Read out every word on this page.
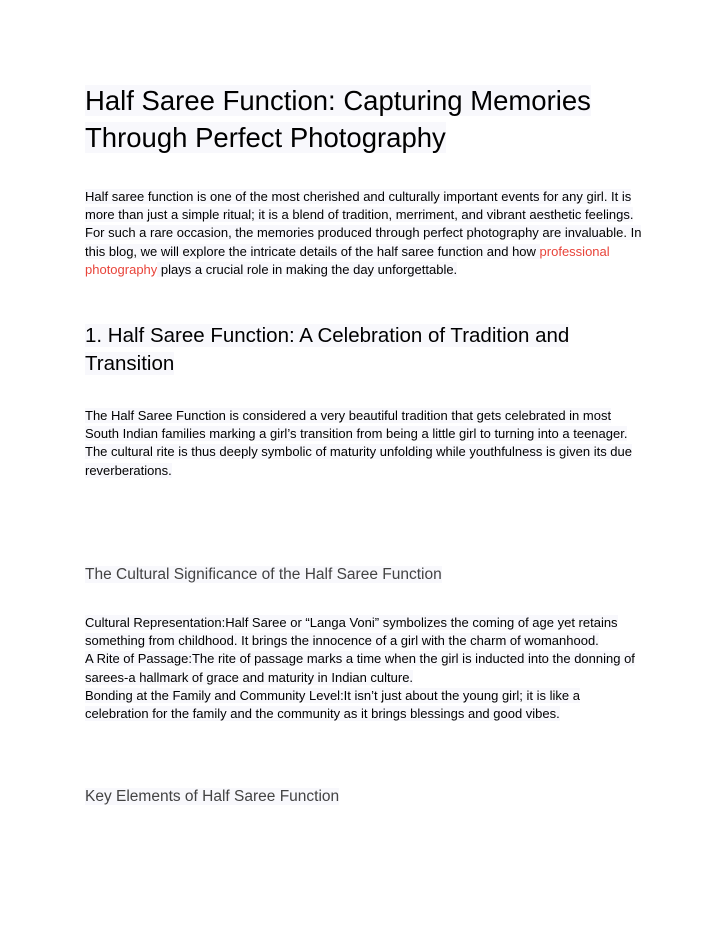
Half Saree Function: Capturing Memories Through Perfect Photography

Half saree function is one of the most cherished and culturally important events for any girl. It is more than just a simple ritual; it is a blend of tradition, merriment, and vibrant aesthetic feelings. For such a rare occasion, the memories produced through perfect photography are invaluable. In this blog, we will explore the intricate details of the half saree function and how professional photography plays a crucial role in making the day unforgettable.

1. Half Saree Function: A Celebration of Tradition and Transition

The Half Saree Function is considered a very beautiful tradition that gets celebrated in most South Indian families marking a girl’s transition from being a little girl to turning into a teenager. The cultural rite is thus deeply symbolic of maturity unfolding while youthfulness is given its due reverberations.

The Cultural Significance of the Half Saree Function

Cultural Representation:Half Saree or “Langa Voni” symbolizes the coming of age yet retains something from childhood. It brings the innocence of a girl with the charm of womanhood.
A Rite of Passage:The rite of passage marks a time when the girl is inducted into the donning of sarees-a hallmark of grace and maturity in Indian culture.
Bonding at the Family and Community Level:It isn’t just about the young girl; it is like a celebration for the family and the community as it brings blessings and good vibes.

Key Elements of Half Saree Function
